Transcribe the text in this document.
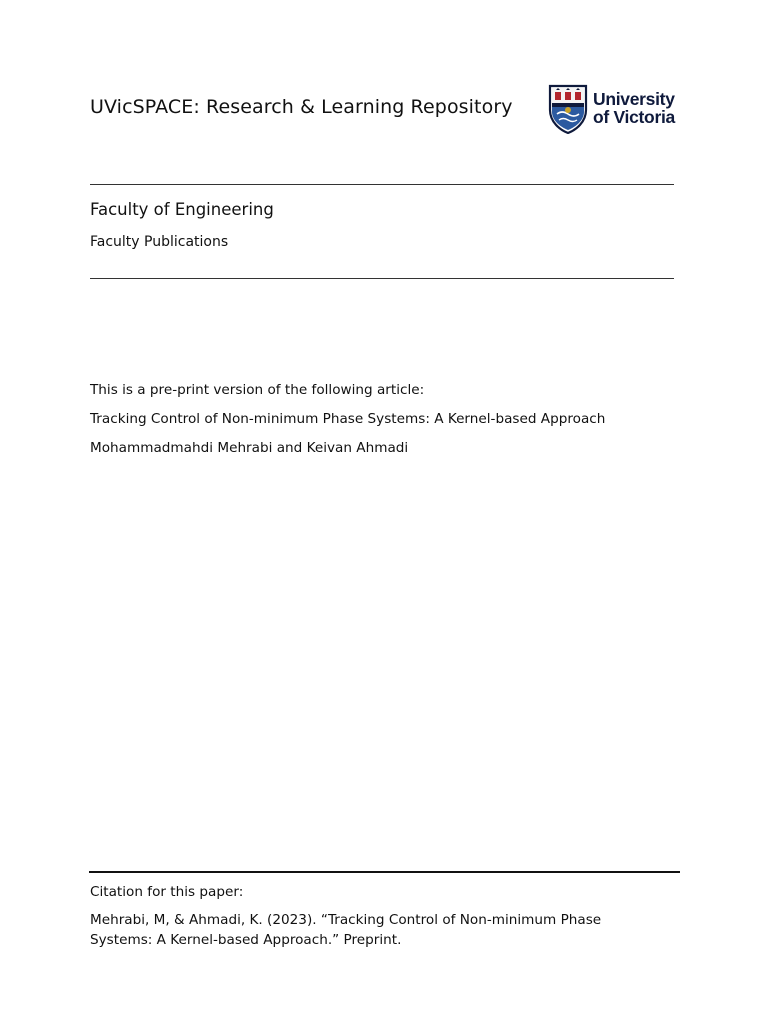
UVicSPACE: Research & Learning Repository	University
of Victoria
Faculty of Engineering
Faculty Publications
This is a pre-print version of the following article:
Tracking Control of Non-minimum Phase Systems: A Kernel-based Approach
Mohammadmahdi Mehrabi and Keivan Ahmadi
Citation for this paper:
Mehrabi, M, & Ahmadi, K. (2023). “Tracking Control of Non-minimum Phase
Systems: A Kernel-based Approach.” Preprint.
